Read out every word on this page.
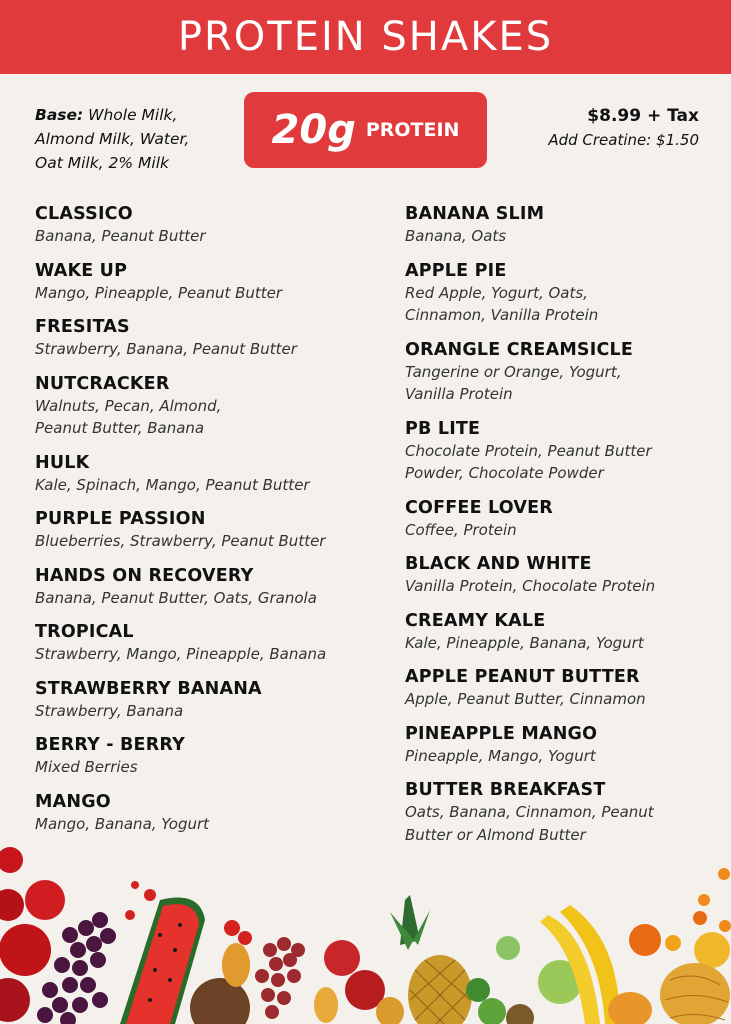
PROTEIN SHAKES
Base: Whole Milk,
Almond Milk, Water,
Oat Milk, 2% Milk
20g PROTEIN
$8.99 + Tax
Add Creatine: $1.50
CLASSICO
Banana, Peanut Butter
WAKE UP
Mango, Pineapple, Peanut Butter
FRESITAS
Strawberry, Banana, Peanut Butter
NUTCRACKER
Walnuts, Pecan, Almond,
Peanut Butter, Banana
HULK
Kale, Spinach, Mango, Peanut Butter
PURPLE PASSION
Blueberries, Strawberry, Peanut Butter
HANDS ON RECOVERY
Banana, Peanut Butter, Oats, Granola
TROPICAL
Strawberry, Mango, Pineapple, Banana
STRAWBERRY BANANA
Strawberry, Banana
BERRY - BERRY
Mixed Berries
MANGO
Mango, Banana, Yogurt
BANANA SLIM
Banana, Oats
APPLE PIE
Red Apple, Yogurt, Oats,
Cinnamon, Vanilla Protein
ORANGLE CREAMSICLE
Tangerine or Orange, Yogurt,
Vanilla Protein
PB LITE
Chocolate Protein, Peanut Butter
Powder, Chocolate Powder
COFFEE LOVER
Coffee, Protein
BLACK AND WHITE
Vanilla Protein, Chocolate Protein
CREAMY KALE
Kale, Pineapple, Banana, Yogurt
APPLE PEANUT BUTTER
Apple, Peanut Butter, Cinnamon
PINEAPPLE MANGO
Pineapple, Mango, Yogurt
BUTTER BREAKFAST
Oats, Banana, Cinnamon, Peanut
Butter or Almond Butter
